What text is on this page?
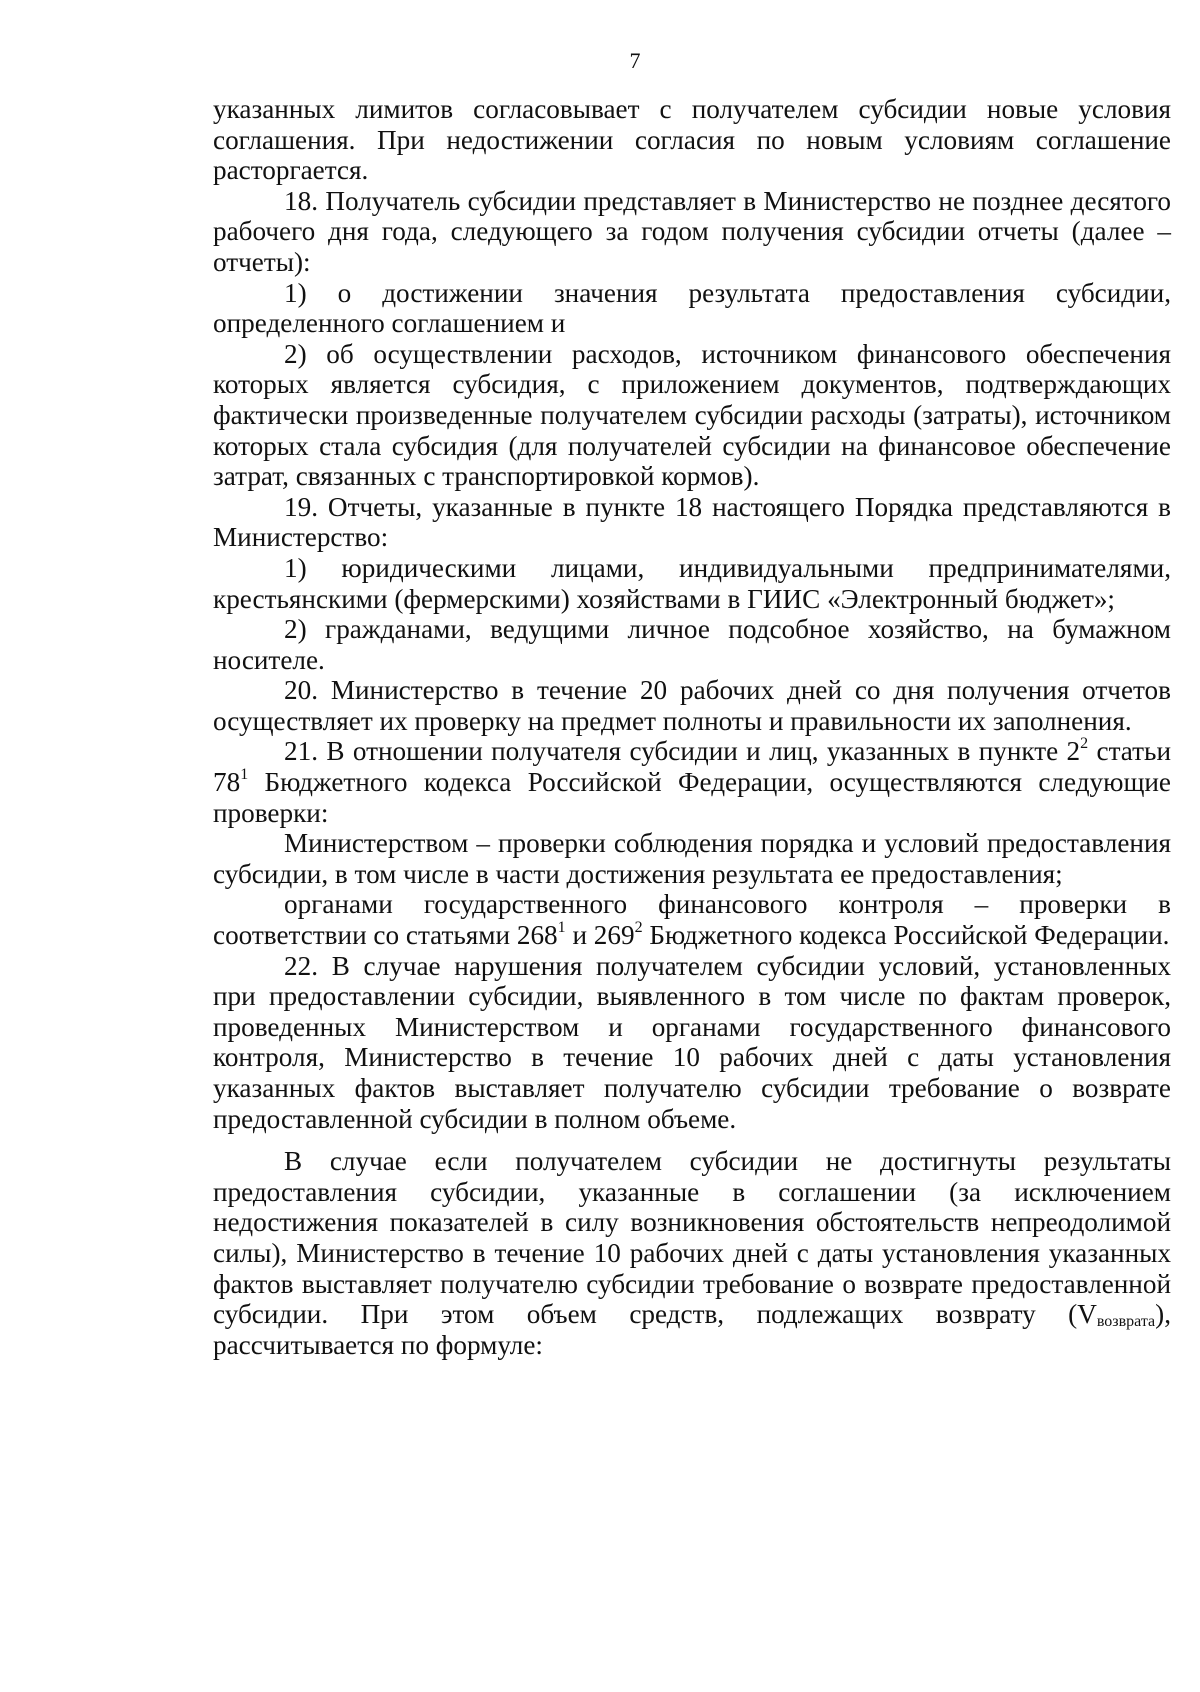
7

указанных лимитов согласовывает с получателем субсидии новые условия соглашения. При недостижении согласия по новым условиям соглашение расторгается.

18. Получатель субсидии представляет в Министерство не позднее десятого рабочего дня года, следующего за годом получения субсидии отчеты (далее – отчеты):

1) о достижении значения результата предоставления субсидии, определенного соглашением и

2) об осуществлении расходов, источником финансового обеспечения которых является субсидия, с приложением документов, подтверждающих фактически произведенные получателем субсидии расходы (затраты), источником которых стала субсидия (для получателей субсидии на финансовое обеспечение затрат, связанных с транспортировкой кормов).

19. Отчеты, указанные в пункте 18 настоящего Порядка представляются в Министерство:

1) юридическими лицами, индивидуальными предпринимателями, крестьянскими (фермерскими) хозяйствами в ГИИС «Электронный бюджет»;

2) гражданами, ведущими личное подсобное хозяйство, на бумажном носителе.

20. Министерство в течение 20 рабочих дней со дня получения отчетов осуществляет их проверку на предмет полноты и правильности их заполнения.

21. В отношении получателя субсидии и лиц, указанных в пункте $2^2$ статьи $78^1$ Бюджетного кодекса Российской Федерации, осуществляются следующие проверки:

Министерством – проверки соблюдения порядка и условий предоставления субсидии, в том числе в части достижения результата ее предоставления;

органами государственного финансового контроля – проверки в соответствии со статьями $268^1$ и $269^2$ Бюджетного кодекса Российской Федерации.

22. В случае нарушения получателем субсидии условий, установленных при предоставлении субсидии, выявленного в том числе по фактам проверок, проведенных Министерством и органами государственного финансового контроля, Министерство в течение 10 рабочих дней с даты установления указанных фактов выставляет получателю субсидии требование о возврате предоставленной субсидии в полном объеме.

В случае если получателем субсидии не достигнуты результаты предоставления субсидии, указанные в соглашении (за исключением недостижения показателей в силу возникновения обстоятельств непреодолимой силы), Министерство в течение 10 рабочих дней с даты установления указанных фактов выставляет получателю субсидии требование о возврате предоставленной субсидии. При этом объем средств, подлежащих возврату $(V_{возврата})$, рассчитывается по формуле:
